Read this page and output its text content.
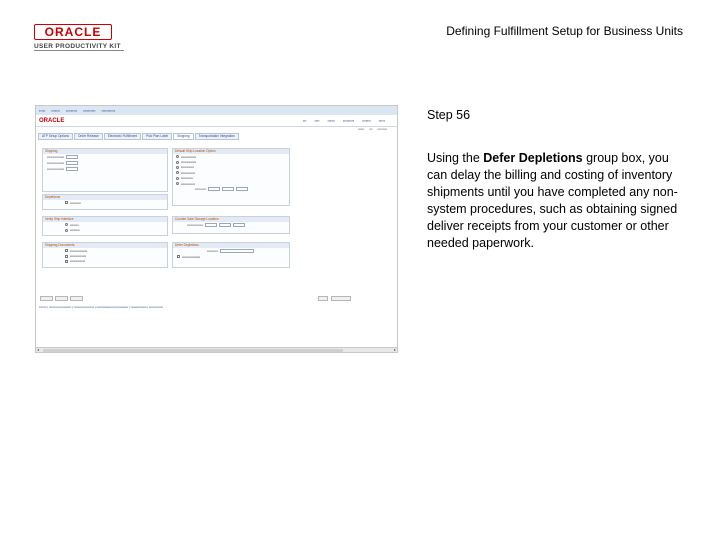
ORACLE
USER PRODUCTIVITY KIT
Defining Fulfillment Setup for Business Units
▪▪▪▪▪ ▪▪▪▪▪▪▪ ▪▪▪▪▪▪▪▪▪ ▪▪▪▪▪▪▪▪▪▪ ▪▪▪▪▪▪▪▪▪▪▪
ORACLE	▪▪▪ ▪▪▪▪ ▪▪▪▪▪▪ ▪▪▪▪▪▪▪▪▪ ▪▪▪▪▪▪▪ ▪▪▪▪▪
▪▪▪▪▪▪ ▪▪▪ ▪▪▪▪▪▪▪▪▪
ATP Setup Options	Order Release	Electronic Fulfillment	Pick Plan Label	Shipping	Transportation Integration
Shipping
▪▪▪▪▪▪▪▪▪▪▪▪▪▪▪▪
▪▪▪▪▪▪▪▪▪▪▪▪▪▪▪▪
▪▪▪▪▪▪▪▪▪▪▪▪▪▪▪▪
Default Ship Location Option
▪▪▪▪▪▪▪▪▪▪▪▪▪▪
▪▪▪▪▪▪▪▪▪▪▪▪▪▪
▪▪▪▪▪▪▪▪▪▪▪▪
▪▪▪▪▪▪▪▪▪▪▪▪▪
▪▪▪▪▪▪▪▪▪▪▪
▪▪▪▪▪▪▪▪▪▪▪▪▪
▪▪▪▪▪▪▪▪▪▪
Depletions
▪▪▪▪▪▪▪▪▪▪
Verify Ship Interface
▪▪▪▪▪▪▪▪
▪▪▪▪▪▪▪▪▪
Counter Sale Storage Location
▪▪▪▪▪▪▪▪▪▪▪▪▪▪▪
Shipping Documents
▪▪▪▪▪▪▪▪▪▪▪▪▪▪▪▪
▪▪▪▪▪▪▪▪▪▪▪▪▪▪▪
▪▪▪▪▪▪▪▪▪▪▪▪▪▪
Defer Depletions
▪▪▪▪▪▪▪▪▪▪
▪▪▪▪▪▪▪▪▪▪▪▪▪▪▪▪▪
▪▪▪▪▪▪▪ | ▪▪▪▪▪▪▪▪▪▪▪▪▪▪▪▪▪▪▪▪▪ | ▪▪▪▪▪▪▪▪▪▪▪▪▪▪▪▪▪▪▪ | ▪▪▪▪▪▪▪▪▪▪▪▪▪▪▪▪▪▪▪▪▪▪▪▪▪▪▪▪▪▪ | ▪▪▪▪▪▪▪▪▪▪▪▪▪▪▪ | ▪▪▪▪▪▪▪▪▪▪▪▪▪
◂	▸
Step 56
Using the Defer Depletions group box, you can delay the billing and costing of inventory shipments until you have completed any non-system procedures, such as obtaining signed deliver receipts from your customer or other needed paperwork.
